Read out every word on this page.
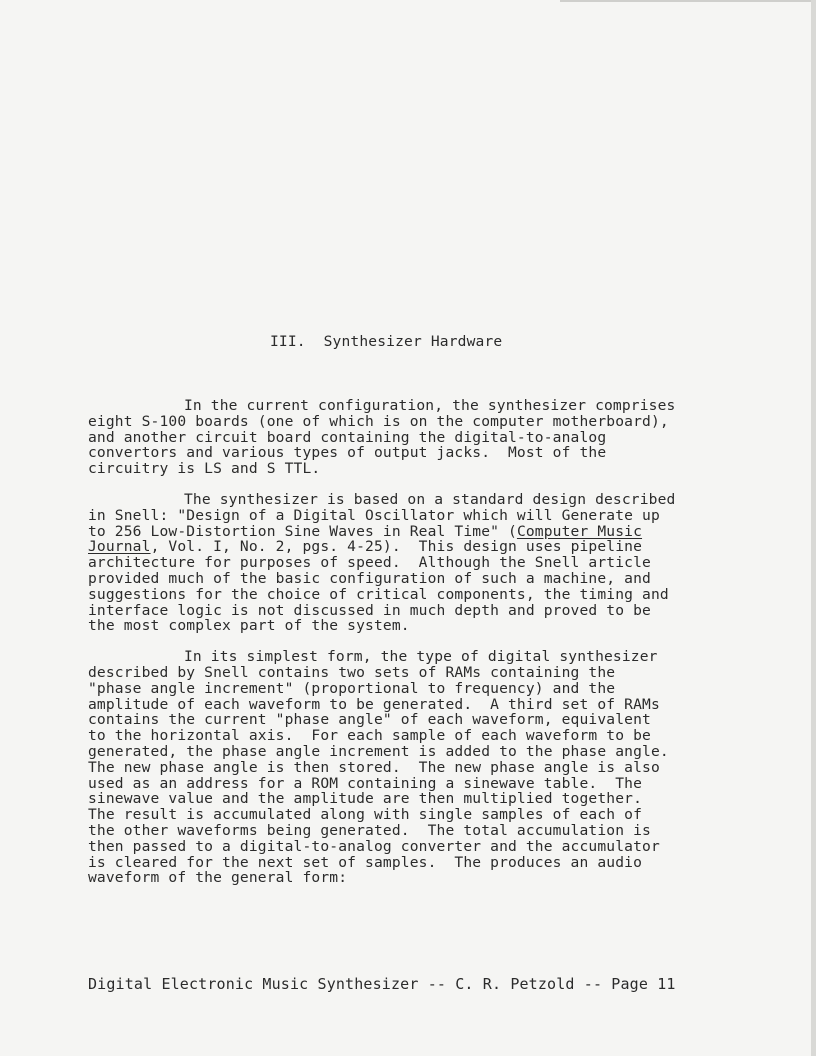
III.  Synthesizer Hardware
In the current configuration, the synthesizer comprises
eight S-100 boards (one of which is on the computer motherboard),
and another circuit board containing the digital-to-analog
convertors and various types of output jacks.  Most of the
circuitry is LS and S TTL.
The synthesizer is based on a standard design described
in Snell: "Design of a Digital Oscillator which will Generate up
to 256 Low-Distortion Sine Waves in Real Time" (Computer Music
Journal, Vol. I, No. 2, pgs. 4-25).  This design uses pipeline
architecture for purposes of speed.  Although the Snell article
provided much of the basic configuration of such a machine, and
suggestions for the choice of critical components, the timing and
interface logic is not discussed in much depth and proved to be
the most complex part of the system.
In its simplest form, the type of digital synthesizer
described by Snell contains two sets of RAMs containing the
"phase angle increment" (proportional to frequency) and the
amplitude of each waveform to be generated.  A third set of RAMs
contains the current "phase angle" of each waveform, equivalent
to the horizontal axis.  For each sample of each waveform to be
generated, the phase angle increment is added to the phase angle.
The new phase angle is then stored.  The new phase angle is also
used as an address for a ROM containing a sinewave table.  The
sinewave value and the amplitude are then multiplied together.
The result is accumulated along with single samples of each of
the other waveforms being generated.  The total accumulation is
then passed to a digital-to-analog converter and the accumulator
is cleared for the next set of samples.  The produces an audio
waveform of the general form:
Digital Electronic Music Synthesizer -- C. R. Petzold -- Page 11
